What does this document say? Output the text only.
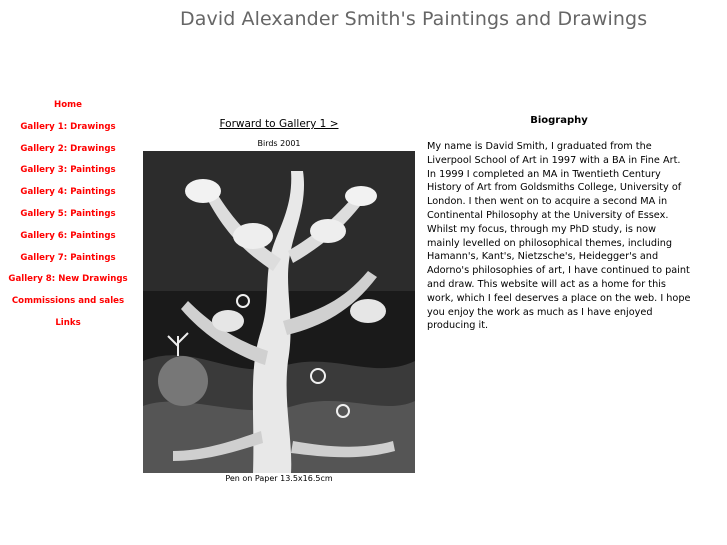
David Alexander Smith's Paintings and Drawings
Home
Gallery 1: Drawings
Gallery 2: Drawings
Gallery 3: Paintings
Gallery 4: Paintings
Gallery 5: Paintings
Gallery 6: Paintings
Gallery 7: Paintings
Gallery 8: New Drawings
Commissions and sales
Links
Forward to Gallery 1 >
Birds 2001
Pen on Paper 13.5x16.5cm
Biography

My name is David Smith, I graduated from the Liverpool School of Art in 1997 with a BA in Fine Art. In 1999 I completed an MA in Twentieth Century History of Art from Goldsmiths College, University of London. I then went on to acquire a second MA in Continental Philosophy at the University of Essex. Whilst my focus, through my PhD study, is now mainly levelled on philosophical themes, including Hamann's, Kant's, Nietzsche's, Heidegger's and Adorno's philosophies of art, I have continued to paint and draw. This website will act as a home for this work, which I feel deserves a place on the web. I hope you enjoy the work as much as I have enjoyed producing it.
